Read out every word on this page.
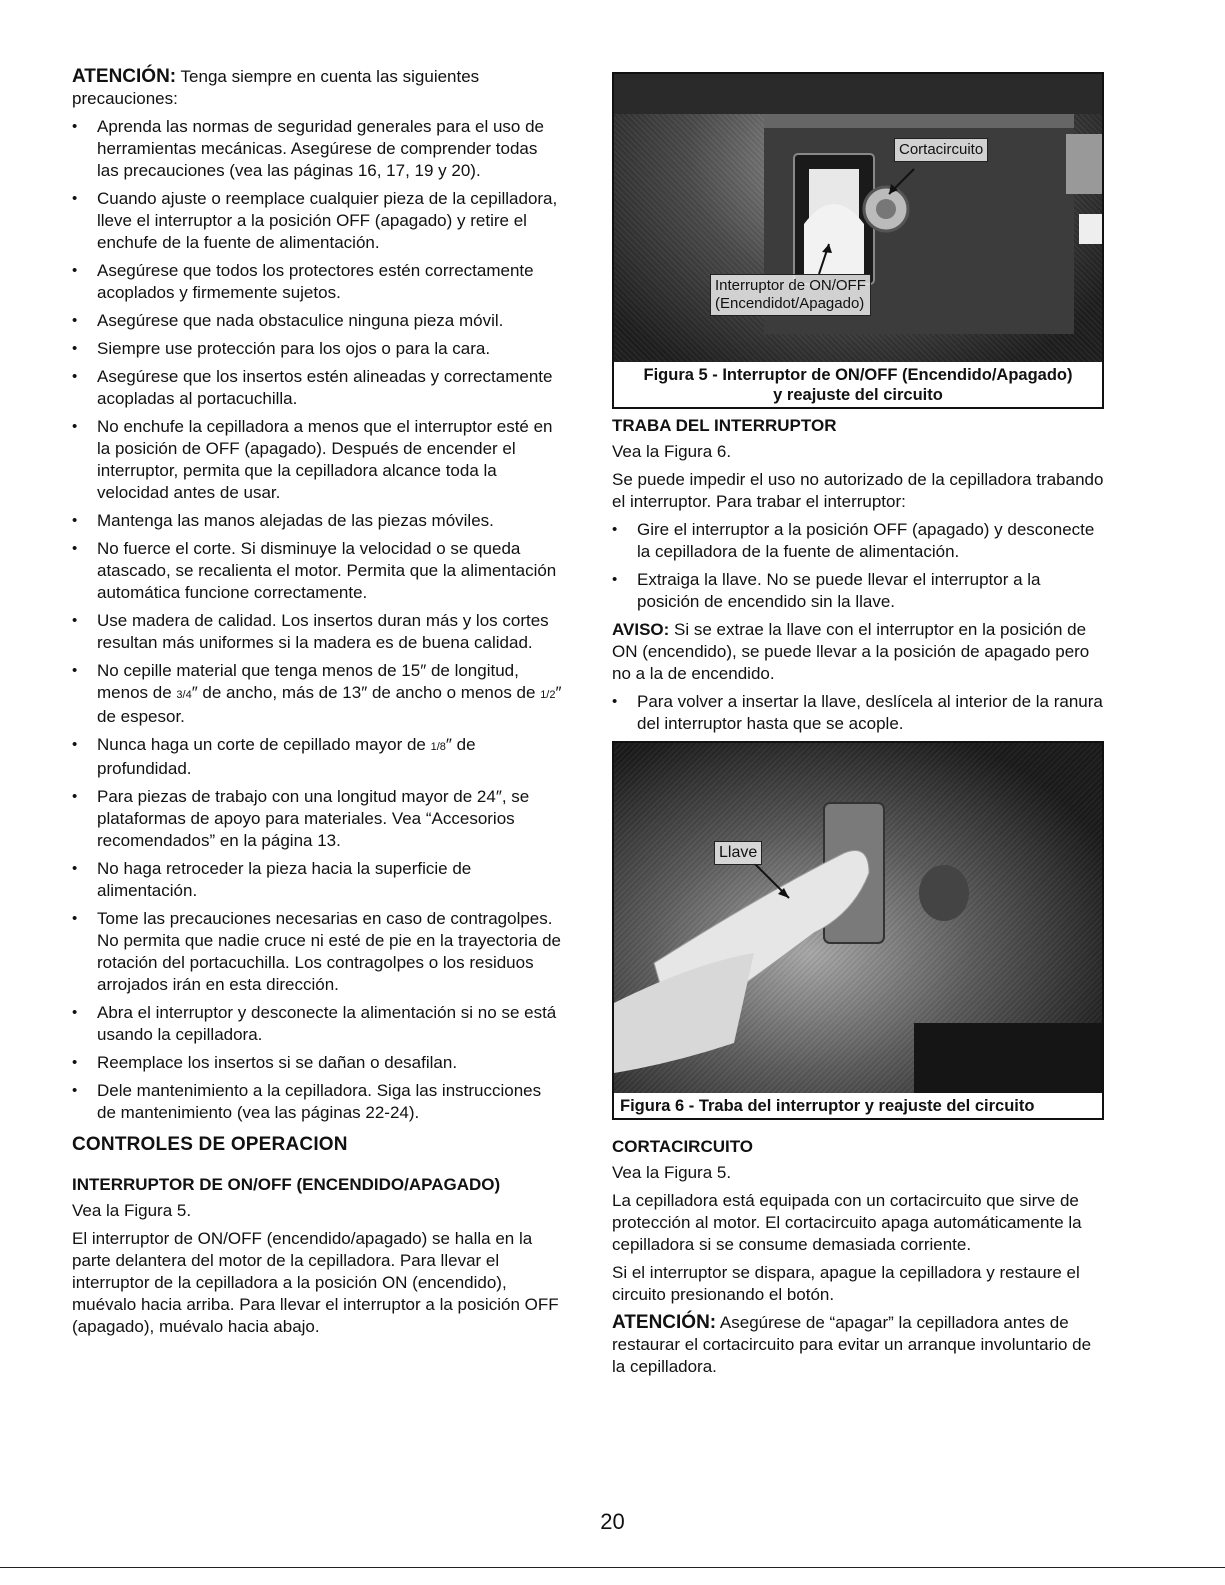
ATENCIÓN: Tenga siempre en cuenta las siguientes precauciones:

• Aprenda las normas de seguridad generales para el uso de herramientas mecánicas. Asegúrese de comprender todas las precauciones (vea las páginas 16, 17, 19 y 20).
• Cuando ajuste o reemplace cualquier pieza de la cepilladora, lleve el interruptor a la posición OFF (apagado) y retire el enchufe de la fuente de alimentación.
• Asegúrese que todos los protectores estén correctamente acoplados y firmemente sujetos.
• Asegúrese que nada obstaculice ninguna pieza móvil.
• Siempre use protección para los ojos o para la cara.
• Asegúrese que los insertos estén alineadas y correctamente acopladas al portacuchilla.
• No enchufe la cepilladora a menos que el interruptor esté en la posición de OFF (apagado). Después de encender el interruptor, permita que la cepilladora alcance toda la velocidad antes de usar.
• Mantenga las manos alejadas de las piezas móviles.
• No fuerce el corte. Si disminuye la velocidad o se queda atascado, se recalienta el motor. Permita que la alimentación automática funcione correctamente.
• Use madera de calidad. Los insertos duran más y los cortes resultan más uniformes si la madera es de buena calidad.
• No cepille material que tenga menos de 15″ de longitud, menos de 3/4″ de ancho, más de 13″ de ancho o menos de 1/2″ de espesor.
• Nunca haga un corte de cepillado mayor de 1/8″ de profundidad.
• Para piezas de trabajo con una longitud mayor de 24″, se plataformas de apoyo para materiales. Vea “Accesorios recomendados” en la página 13.
• No haga retroceder la pieza hacia la superficie de alimentación.
• Tome las precauciones necesarias en caso de contragolpes. No permita que nadie cruce ni esté de pie en la trayectoria de rotación del portacuchilla. Los contragolpes o los residuos arrojados irán en esta dirección.
• Abra el interruptor y desconecte la alimentación si no se está usando la cepilladora.
• Reemplace los insertos si se dañan o desafilan.
• Dele mantenimiento a la cepilladora. Siga las instrucciones de mantenimiento (vea las páginas 22-24).
CONTROLES DE OPERACION
INTERRUPTOR DE ON/OFF (ENCENDIDO/APAGADO)

Vea la Figura 5.

El interruptor de ON/OFF (encendido/apagado) se halla en la parte delantera del motor de la cepilladora. Para llevar el interruptor de la cepilladora a la posición ON (encendido), muévalo hacia arriba. Para llevar el interruptor a la posición OFF (apagado), muévalo hacia abajo.

Cortacircuito
Interruptor de ON/OFF
(Encendidot/Apagado)
Figura 5 - Interruptor de ON/OFF (Encendido/Apagado)
y reajuste del circuito
TRABA DEL INTERRUPTOR

Vea la Figura 6.

Se puede impedir el uso no autorizado de la cepilladora trabando el interruptor. Para trabar el interruptor:

• Gire el interruptor a la posición OFF (apagado) y desconecte la cepilladora de la fuente de alimentación.
• Extraiga la llave. No se puede llevar el interruptor a la posición de encendido sin la llave.

AVISO: Si se extrae la llave con el interruptor en la posición de ON (encendido), se puede llevar a la posición de apagado pero no a la de encendido.

• Para volver a insertar la llave, deslícela al interior de la ranura del interruptor hasta que se acople.
Llave
Figura 6 - Traba del interruptor y reajuste del circuito
CORTACIRCUITO

Vea la Figura 5.

La cepilladora está equipada con un cortacircuito que sirve de protección al motor. El cortacircuito apaga automáticamente la cepilladora si se consume demasiada corriente.

Si el interruptor se dispara, apague la cepilladora y restaure el circuito presionando el botón.

ATENCIÓN: Asegúrese de “apagar” la cepilladora antes de restaurar el cortacircuito para evitar un arranque involuntario de la cepilladora.

20
